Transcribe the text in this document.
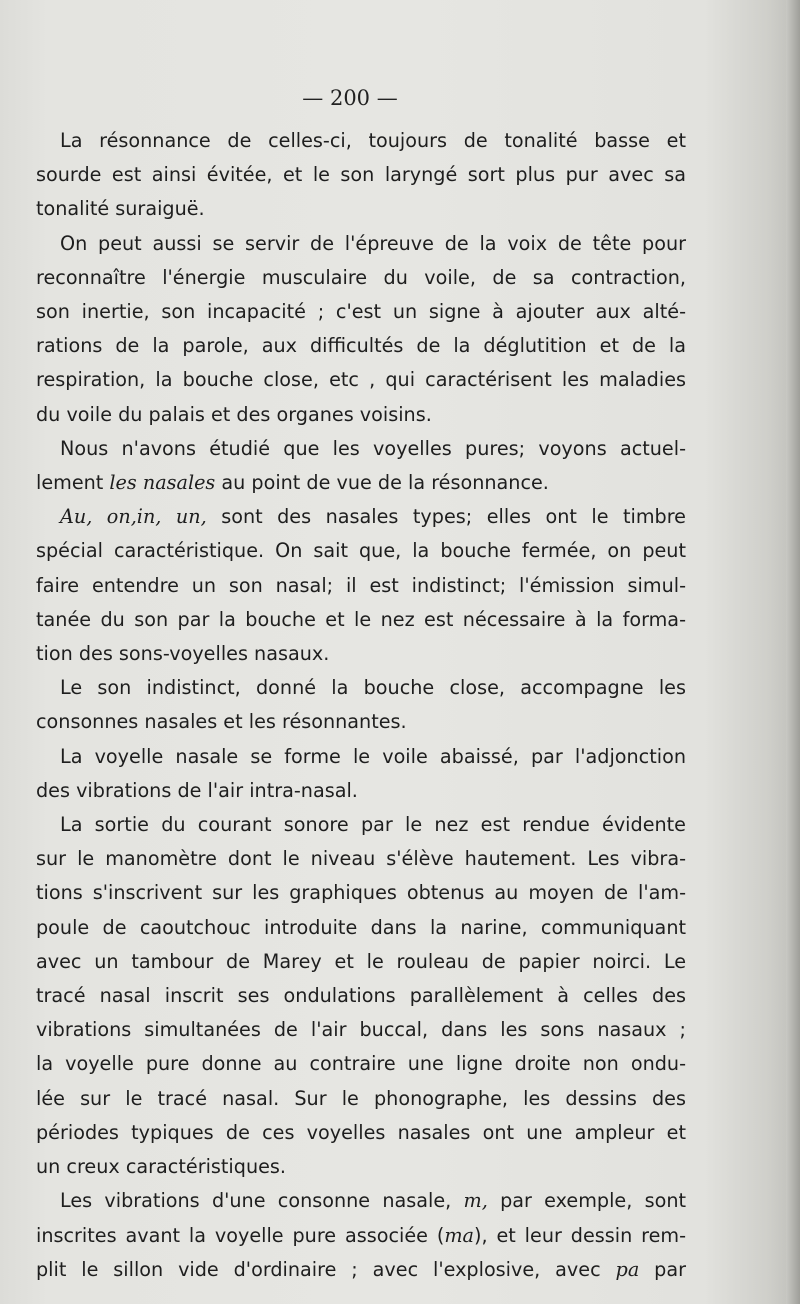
— 200 —
La résonnance de celles-ci, toujours de tonalité basse et
sourde est ainsi évitée, et le son laryngé sort plus pur avec sa
tonalité suraiguë.
On peut aussi se servir de l'épreuve de la voix de tête pour
reconnaître l'énergie musculaire du voile, de sa contraction,
son inertie, son incapacité ; c'est un signe à ajouter aux alté-
rations de la parole, aux difficultés de la déglutition et de la
respiration, la bouche close, etc , qui caractérisent les maladies
du voile du palais et des organes voisins.
Nous n'avons étudié que les voyelles pures; voyons actuel-
lement les nasales au point de vue de la résonnance.
Au, on,in, un, sont des nasales types; elles ont le timbre
spécial caractéristique. On sait que, la bouche fermée, on peut
faire entendre un son nasal; il est indistinct; l'émission simul-
tanée du son par la bouche et le nez est nécessaire à la forma-
tion des sons-voyelles nasaux.
Le son indistinct, donné la bouche close, accompagne les
consonnes nasales et les résonnantes.
La voyelle nasale se forme le voile abaissé, par l'adjonction
des vibrations de l'air intra-nasal.
La sortie du courant sonore par le nez est rendue évidente
sur le manomètre dont le niveau s'élève hautement. Les vibra-
tions s'inscrivent sur les graphiques obtenus au moyen de l'am-
poule de caoutchouc introduite dans la narine, communiquant
avec un tambour de Marey et le rouleau de papier noirci. Le
tracé nasal inscrit ses ondulations parallèlement à celles des
vibrations simultanées de l'air buccal, dans les sons nasaux ;
la voyelle pure donne au contraire une ligne droite non ondu-
lée sur le tracé nasal. Sur le phonographe, les dessins des
périodes typiques de ces voyelles nasales ont une ampleur et
un creux caractéristiques.
Les vibrations d'une consonne nasale, m, par exemple, sont
inscrites avant la voyelle pure associée (ma), et leur dessin rem-
plit le sillon vide d'ordinaire ; avec l'explosive, avec pa par
